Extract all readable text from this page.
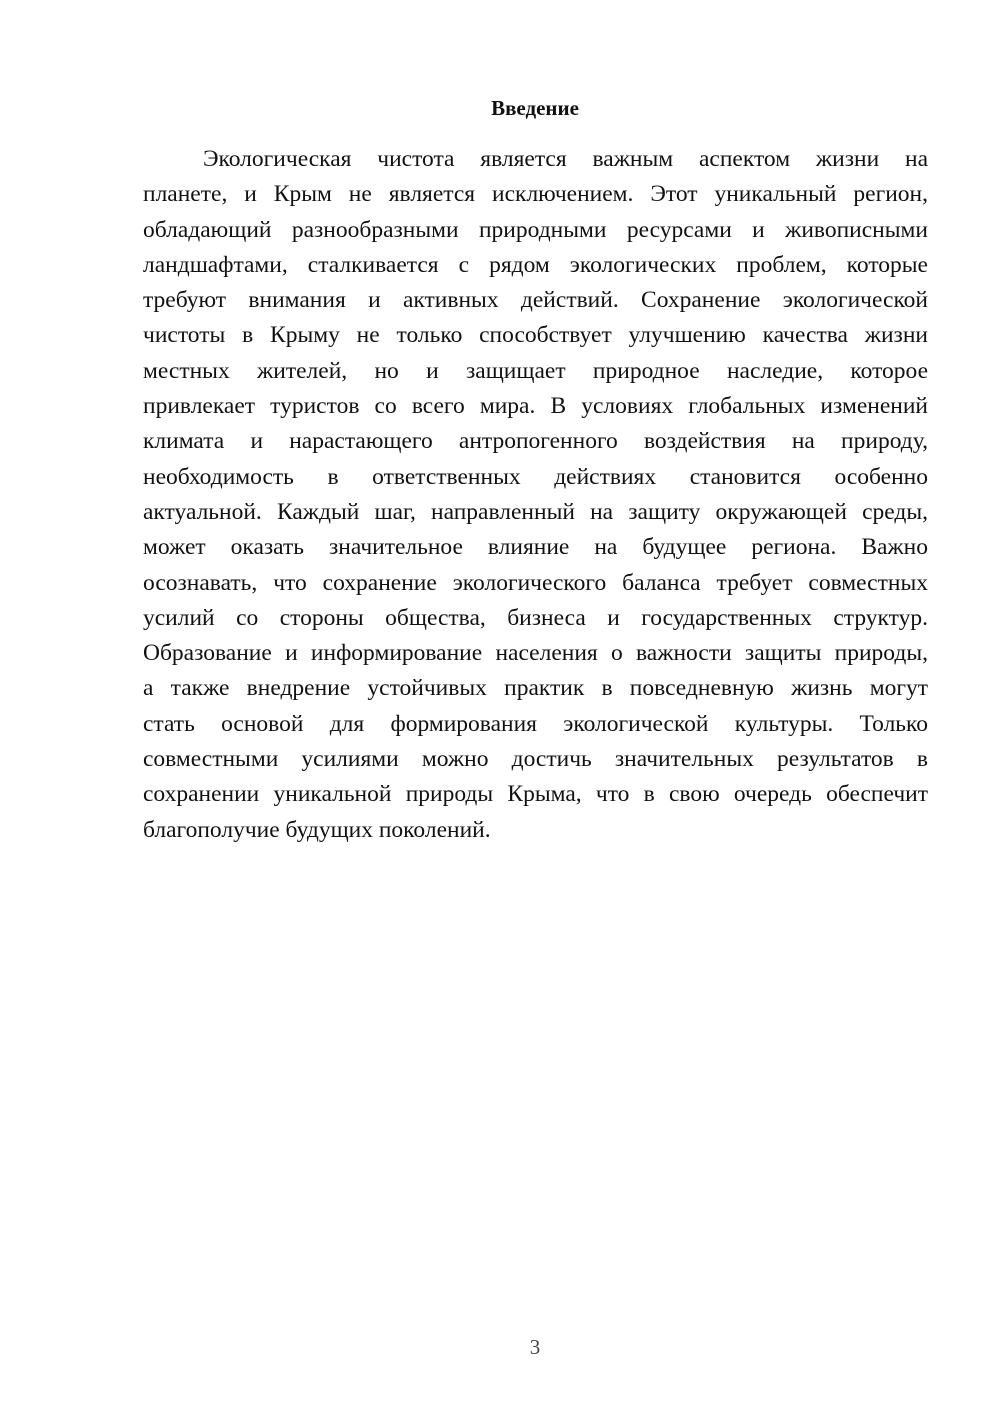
Введение
Экологическая чистота является важным аспектом жизни на
планете, и Крым не является исключением. Этот уникальный регион,
обладающий разнообразными природными ресурсами и живописными
ландшафтами, сталкивается с рядом экологических проблем, которые
требуют внимания и активных действий. Сохранение экологической
чистоты в Крыму не только способствует улучшению качества жизни
местных жителей, но и защищает природное наследие, которое
привлекает туристов со всего мира. В условиях глобальных изменений
климата и нарастающего антропогенного воздействия на природу,
необходимость в ответственных действиях становится особенно
актуальной. Каждый шаг, направленный на защиту окружающей среды,
может оказать значительное влияние на будущее региона. Важно
осознавать, что сохранение экологического баланса требует совместных
усилий со стороны общества, бизнеса и государственных структур.
Образование и информирование населения о важности защиты природы,
а также внедрение устойчивых практик в повседневную жизнь могут
стать основой для формирования экологической культуры. Только
совместными усилиями можно достичь значительных результатов в
сохранении уникальной природы Крыма, что в свою очередь обеспечит
благополучие будущих поколений.
3
